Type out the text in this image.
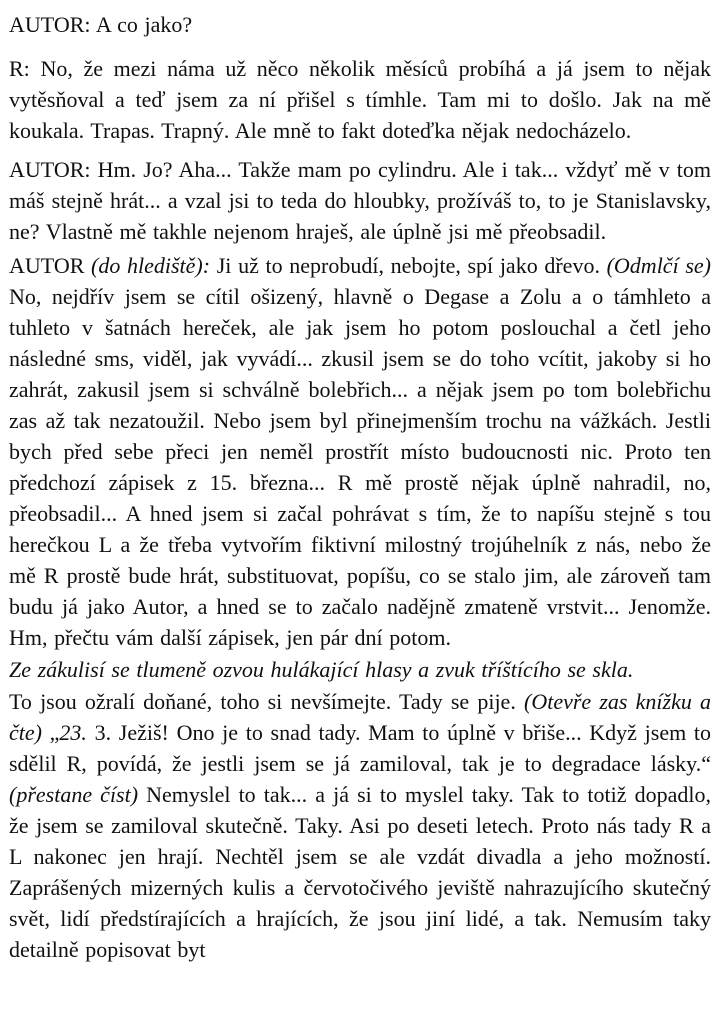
AUTOR: A co jako?

R: No, že mezi náma už něco několik měsíců probíhá a já jsem to nějak vytěsňoval a teď jsem za ní přišel s tímhle. Tam mi to došlo. Jak na mě koukala. Trapas. Trapný. Ale mně to fakt doteďka nějak nedocházelo.

AUTOR: Hm. Jo? Aha... Takže mam po cylindru. Ale i tak... vždyť mě v tom máš stejně hrát... a vzal jsi to teda do hloubky, prožíváš to, to je Stanislavsky, ne? Vlastně mě takhle nejenom hraješ, ale úplně jsi mě přeobsadil.

AUTOR (do hlediště): Ji už to neprobudí, nebojte, spí jako dřevo. (Odmlčí se) No, nejdřív jsem se cítil ošizený, hlavně o Degase a Zolu a o támhleto a tuhleto v šatnách hereček, ale jak jsem ho potom poslouchal a četl jeho následné sms, viděl, jak vyvádí... zkusil jsem se do toho vcítit, jakoby si ho zahrát, zakusil jsem si schválně bolebřich... a nějak jsem po tom bolebřichu zas až tak nezatoužil. Nebo jsem byl přinejmenším trochu na vážkách. Jestli bych před sebe přeci jen neměl prostřít místo budoucnosti nic. Proto ten předchozí zápisek z 15. března... R mě prostě nějak úplně nahradil, no, přeobsadil... A hned jsem si začal pohrávat s tím, že to napíšu stejně s tou herečkou L a že třeba vytvořím fiktivní milostný trojúhelník z nás, nebo že mě R prostě bude hrát, substituovat, popíšu, co se stalo jim, ale zároveň tam budu já jako Autor, a hned se to začalo nadějně zmateně vrstvit... Jenomže. Hm, přečtu vám další zápisek, jen pár dní potom.

Ze zákulisí se tlumeně ozvou hulákající hlasy a zvuk tříštícího se skla.

To jsou ožralí doňané, toho si nevšímejte. Tady se pije. (Otevře zas knížku a čte) „23. 3. Ježiš! Ono je to snad tady. Mam to úplně v břiše... Když jsem to sdělil R, povídá, že jestli jsem se já zamiloval, tak je to degradace lásky.“ (přestane číst) Nemyslel to tak... a já si to myslel taky. Tak to totiž dopadlo, že jsem se zamiloval skutečně. Taky. Asi po deseti letech. Proto nás tady R a L nakonec jen hrají. Nechtěl jsem se ale vzdát divadla a jeho možností. Zaprášených mizerných kulis a červotočivého jeviště nahrazujícího skutečný svět, lidí předstírajících a hrajících, že jsou jiní lidé, a tak. Nemusím taky detailně popisovat byt
